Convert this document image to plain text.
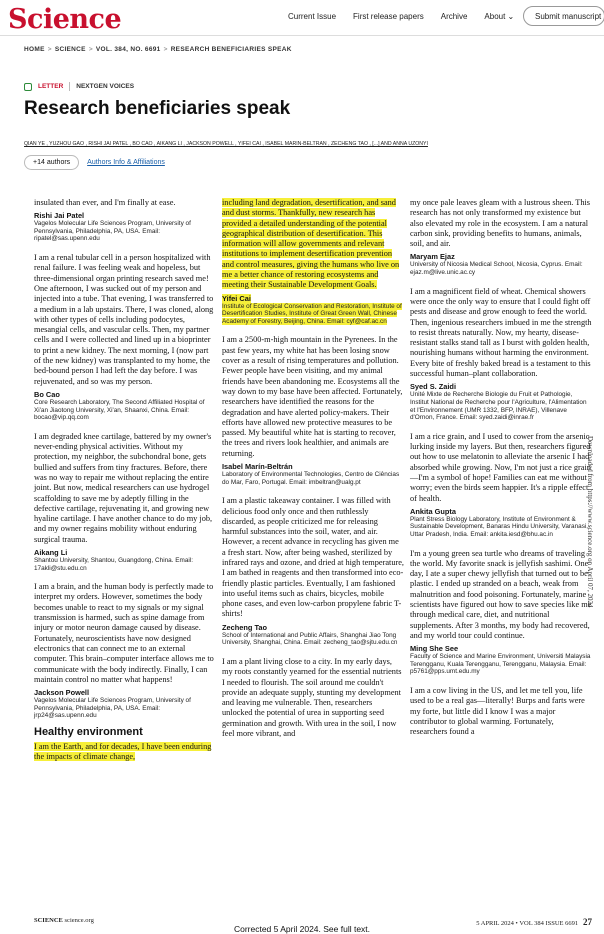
Science	Current Issue First release papers Archive About ⌄	Submit manuscript
HOME > SCIENCE > VOL. 384, NO. 6691 > RESEARCH BENEFICIARIES SPEAK
LETTER NEXTGEN VOICES
Research beneficiaries speak
QIAN YE , YUZHOU GAO , RISHI JAI PATEL , BO CAO , AIKANG LI , JACKSON POWELL , YIFEI CAI , ISABEL MARÍN-BELTRÁN , ZECHENG TAO , [...] AND ANNA UZONYI
+14 authors	Authors Info & Affiliations

insulated than ever, and I'm finally at ease.

Rishi Jai Patel
Vagelos Molecular Life Sciences Program, University of Pennsylvania, Philadelphia, PA, USA. Email: ripatel@sas.upenn.edu

I am a renal tubular cell in a person hospitalized with renal failure. I was feeling weak and hopeless, but three-dimensional organ printing research saved me! One afternoon, I was sucked out of my person and injected into a tube. That evening, I was transferred to a medium in a lab upstairs. There, I was cloned, along with other types of cells including podocytes, mesangial cells, and vascular cells. Then, my partner cells and I were collected and lined up in a bioprinter to print a new kidney. The next morning, I (now part of the new kidney) was transplanted to my home, the bed-bound person I had left the day before. I was rejuvenated, and so was my person.

Bo Cao
Core Research Laboratory, The Second Affiliated Hospital of Xi'an Jiaotong University, Xi'an, Shaanxi, China. Email: bocao@vip.qq.com

I am degraded knee cartilage, battered by my owner's never-ending physical activities. Without my protection, my neighbor, the subchondral bone, gets bullied and suffers from tiny fractures. Before, there was no way to repair me without replacing the entire joint. But now, medical researchers can use hydrogel scaffolding to save me by adeptly filling in the defective cartilage, rejuvenating it, and growing new hyaline cartilage. I have another chance to do my job, and my owner regains mobility without enduring surgical trauma.

Aikang Li
Shantou University, Shantou, Guangdong, China. Email: 17akli@stu.edu.cn

I am a brain, and the human body is perfectly made to interpret my orders. However, sometimes the body becomes unable to react to my signals or my signal transmission is harmed, such as spine damage from injury or motor neuron damage caused by disease. Fortunately, neuroscientists have now designed electronics that can connect me to an external computer. This brain–computer interface allows me to communicate with the body indirectly. Finally, I can maintain control no matter what happens!

Jackson Powell
Vagelos Molecular Life Sciences Program, University of Pennsylvania, Philadelphia, PA, USA. Email: jrp24@sas.upenn.edu
Healthy environment

I am the Earth, and for decades, I have been enduring the impacts of climate change,

including land degradation, desertification, and sand and dust storms. Thankfully, new research has provided a detailed understanding of the potential geographical distribution of desertification. This information will allow governments and relevant institutions to implement desertification prevention and control measures, giving the humans who live on me a better chance of restoring ecosystems and meeting their Sustainable Development Goals.

Yifei Cai
Institute of Ecological Conservation and Restoration, Institute of Desertification Studies, Institute of Great Green Wall, Chinese Academy of Forestry, Beijing, China. Email: cyf@caf.ac.cn

I am a 2500-m-high mountain in the Pyrenees. In the past few years, my white hat has been losing snow cover as a result of rising temperatures and pollution. Fewer people have been visiting, and my animal friends have been abandoning me. Ecosystems all the way down to my base have been affected. Fortunately, researchers have identified the reasons for the degradation and have alerted policy-makers. Their efforts have allowed new protective measures to be passed. My beautiful white hat is starting to recover, the trees and rivers look healthier, and animals are returning.

Isabel Marín-Beltrán
Laboratory of Environmental Technologies, Centro de Ciências do Mar, Faro, Portugal. Email: imbeltran@ualg.pt

I am a plastic takeaway container. I was filled with delicious food only once and then ruthlessly discarded, as people criticized me for releasing harmful substances into the soil, water, and air. However, a recent advance in recycling has given me a fresh start. Now, after being washed, sterilized by infrared rays and ozone, and dried at high temperature, I am bathed in reagents and then transformed into eco-friendly plastic particles. Eventually, I am fashioned into useful items such as chairs, bicycles, mobile phone cases, and even low-carbon propylene fabric T-shirts!

Zecheng Tao
School of International and Public Affairs, Shanghai Jiao Tong University, Shanghai, China. Email: zecheng_tao@sjtu.edu.cn

I am a plant living close to a city. In my early days, my roots constantly yearned for the essential nutrients I needed to flourish. The soil around me couldn't provide an adequate supply, stunting my development and leaving me vulnerable. Then, researchers unlocked the potential of urea in supporting seed germination and growth. With urea in the soil, I now feel more vibrant, and

my once pale leaves gleam with a lustrous sheen. This research has not only transformed my existence but also elevated my role in the ecosystem. I am a natural carbon sink, providing benefits to humans, animals, soil, and air.

Maryam Ejaz
University of Nicosia Medical School, Nicosia, Cyprus. Email: ejaz.m@live.unic.ac.cy

I am a magnificent field of wheat. Chemical showers were once the only way to ensure that I could fight off pests and disease and grow enough to feed the world. Then, ingenious researchers imbued in me the strength to resist threats naturally. Now, my hearty, disease-resistant stalks stand tall as I burst with golden health, nourishing humans without harming the environment. Every bite of freshly baked bread is a testament to this successful human–plant collaboration.

Syed S. Zaidi
Unité Mixte de Recherche Biologie du Fruit et Pathologie, Institut National de Recherche pour l'Agriculture, l'Alimentation et l'Environnement (UMR 1332, BFP, INRAE), Villenave d'Ornon, France. Email: syed.zaidi@inrae.fr

I am a rice grain, and I used to cower from the arsenic lurking inside my layers. But then, researchers figured out how to use melatonin to alleviate the arsenic I had absorbed while growing. Now, I'm not just a rice grain—I'm a symbol of hope! Families can eat me without worry; even the birds seem happier. It's a ripple effect of health.

Ankita Gupta
Plant Stress Biology Laboratory, Institute of Environment & Sustainable Development, Banaras Hindu University, Varanasi, Uttar Pradesh, India. Email: ankita.iesd@bhu.ac.in

I'm a young green sea turtle who dreams of traveling the world. My favorite snack is jellyfish sashimi. One day, I ate a super chewy jellyfish that turned out to be plastic. I ended up stranded on a beach, weak from malnutrition and food poisoning. Fortunately, marine scientists have figured out how to save species like me through medical care, diet, and nutritional supplements. After 3 months, my body had recovered, and my world tour could continue.

Ming She See
Faculty of Science and Marine Environment, Universiti Malaysia Terengganu, Kuala Terengganu, Terengganu, Malaysia. Email: p5761@pps.umt.edu.my

I am a cow living in the US, and let me tell you, life used to be a real gas—literally! Burps and farts were my forte, but little did I know I was a major contributor to global warming. Fortunately, researchers found a

Downloaded from https://www.science.org on April 07, 2024
SCIENCE science.org	5 APRIL 2024 • VOL 384 ISSUE 6691 27
Corrected 5 April 2024. See full text.
